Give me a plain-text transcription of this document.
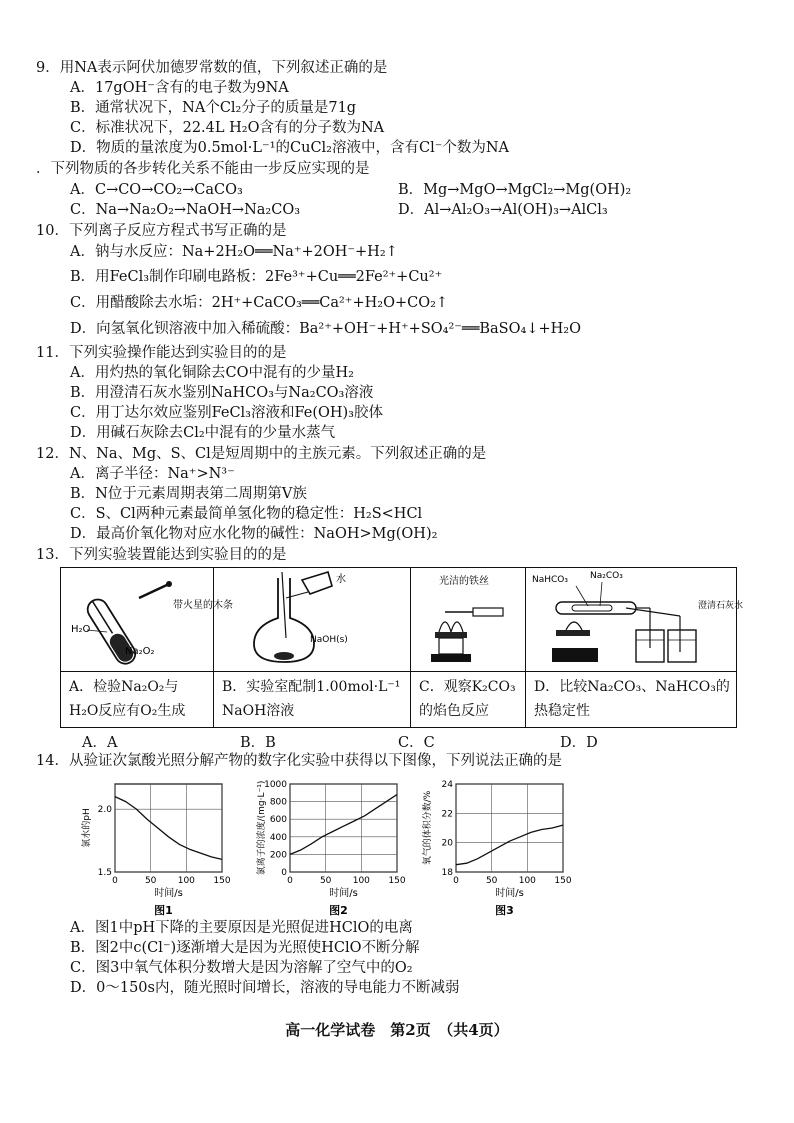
9．用NA表示阿伏加德罗常数的值，下列叙述正确的是
A．17gOH⁻含有的电子数为9NA
B．通常状况下，NA个Cl₂分子的质量是71g
C．标准状况下，22.4L H₂O含有的分子数为NA
D．物质的量浓度为0.5mol·L⁻¹的CuCl₂溶液中，含有Cl⁻个数为NA
．下列物质的各步转化关系不能由一步反应实现的是
A．C→CO→CO₂→CaCO₃	B．Mg→MgO→MgCl₂→Mg(OH)₂
C．Na→Na₂O₂→NaOH→Na₂CO₃	D．Al→Al₂O₃→Al(OH)₃→AlCl₃
10．下列离子反应方程式书写正确的是
A．钠与水反应：Na+2H₂O══Na⁺+2OH⁻+H₂↑
B．用FeCl₃制作印刷电路板：2Fe³⁺+Cu══2Fe²⁺+Cu²⁺
C．用醋酸除去水垢：2H⁺+CaCO₃══Ca²⁺+H₂O+CO₂↑
D．向氢氧化钡溶液中加入稀硫酸：Ba²⁺+OH⁻+H⁺+SO₄²⁻══BaSO₄↓+H₂O
11．下列实验操作能达到实验目的的是
A．用灼热的氧化铜除去CO中混有的少量H₂
B．用澄清石灰水鉴别NaHCO₃与Na₂CO₃溶液
C．用丁达尔效应鉴别FeCl₃溶液和Fe(OH)₃胶体
D．用碱石灰除去Cl₂中混有的少量水蒸气
12．N、Na、Mg、S、Cl是短周期中的主族元素。下列叙述正确的是
A．离子半径：Na⁺>N³⁻
B．N位于元素周期表第二周期第Ⅴ族
C．S、Cl两种元素最简单氢化物的稳定性：H₂S<HCl
D．最高价氧化物对应水化物的碱性：NaOH>Mg(OH)₂
13．下列实验装置能达到实验目的的是
带火星的木条
H₂O
Na₂O₂	水
NaOH(s)	光洁的铁丝	NaHCO₃ Na₂CO₃
澄清石灰水

A．检验Na₂O₂与H₂O反应有O₂生成	B．实验室配制1.00mol·L⁻¹ NaOH溶液	C．观察K₂CO₃的焰色反应	D．比较Na₂CO₃、NaHCO₃的热稳定性
A．A	B．B	C．C	D．D
14．从验证次氯酸光照分解产物的数字化实验中获得以下图像，下列说法正确的是
0	50 100 150
1.5
2.0
时间/s
氯水的pH
图1
0	50 100 150
0
200
400
600
800
1000
时间/s
氯离子的浓度/(mg·L⁻¹)
图2
0	50 100 150
18
20
22
24
时间/s
氧气的体积分数/%
图3
A．图1中pH下降的主要原因是光照促进HClO的电离
B．图2中c(Cl⁻)逐渐增大是因为光照使HClO不断分解
C．图3中氧气体积分数增大是因为溶解了空气中的O₂
D．0～150s内，随光照时间增长，溶液的导电能力不断减弱
高一化学试卷　第2页　（共4页）
